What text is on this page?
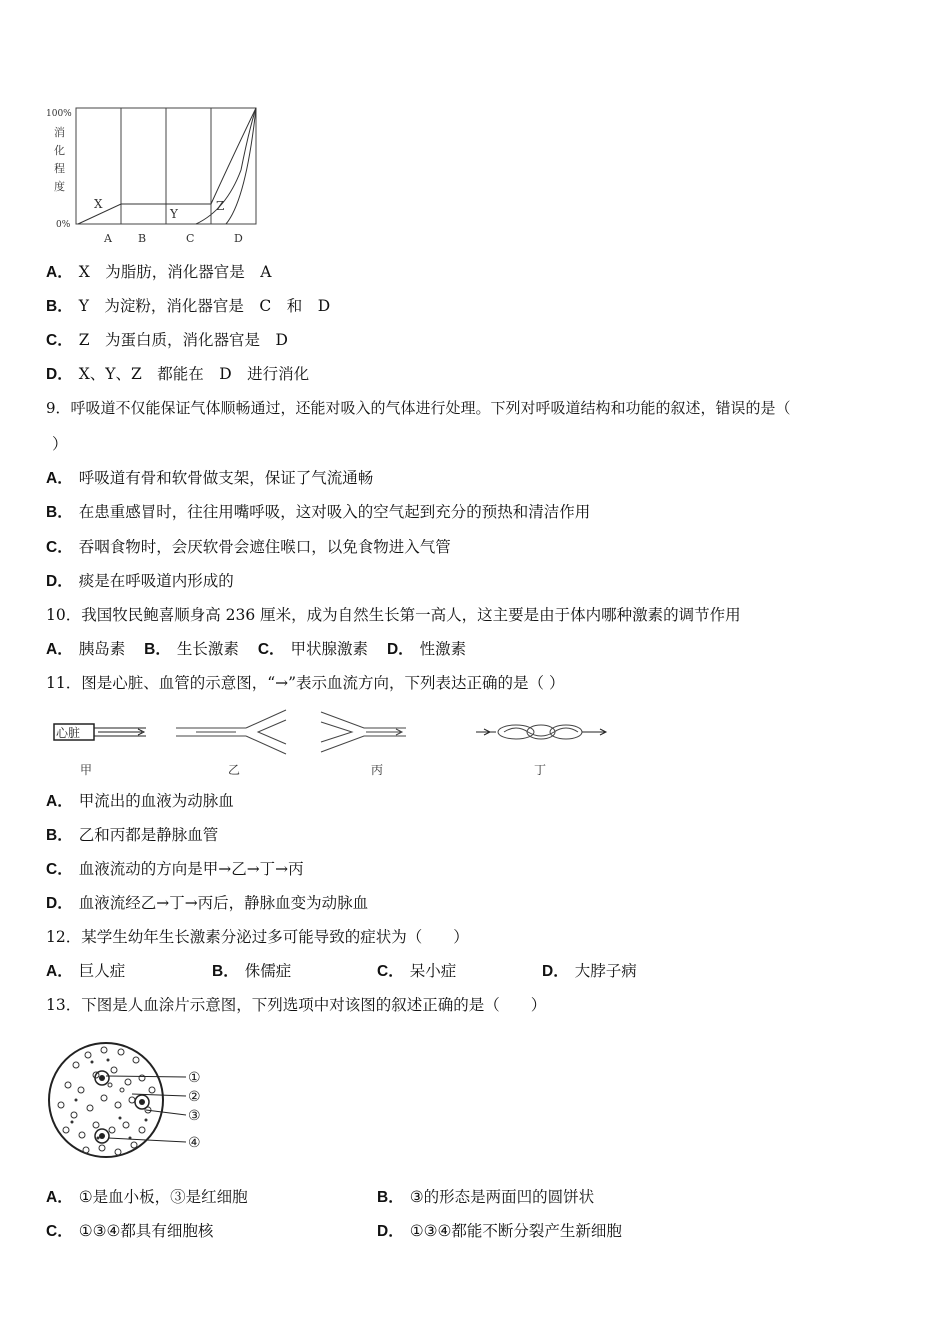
100%
消
化
程
度
0%
X
Y
Z
A B	C	D
A． X　为脂肪，消化器官是　A
B． Y　为淀粉，消化器官是　C　和　D
C． Z　为蛋白质，消化器官是　D
D． X、Y、Z　都能在　D　进行消化
9．呼吸道不仅能保证气体顺畅通过，还能对吸入的气体进行处理。下列对呼吸道结构和功能的叙述，错误的是（
）
A． 呼吸道有骨和软骨做支架，保证了气流通畅
B． 在患重感冒时，往往用嘴呼吸，这对吸入的空气起到充分的预热和清洁作用
C． 吞咽食物时，会厌软骨会遮住喉口，以免食物进入气管
D． 痰是在呼吸道内形成的
10．我国牧民鲍喜顺身高 236 厘米，成为自然生长第一高人，这主要是由于体内哪种激素的调节作用
A． 胰岛素 B． 生长激素 C． 甲状腺激素 D． 性激素
11．图是心脏、血管的示意图，“→”表示血流方向，下列表达正确的是（ ）
心脏
甲	乙	丙	丁
A． 甲流出的血液为动脉血
B． 乙和丙都是静脉血管
C． 血液流动的方向是甲→乙→丁→丙
D． 血液流经乙→丁→丙后，静脉血变为动脉血
12．某学生幼年生长激素分泌过多可能导致的症状为（　　）
A． 巨人症	B． 侏儒症	C． 呆小症	D． 大脖子病
13．下图是人血涂片示意图，下列选项中对该图的叙述正确的是（　　）
①
②
③
④
A． ①是血小板，③是红细胞	B． ③的形态是两面凹的圆饼状
C． ①③④都具有细胞核	D． ①③④都能不断分裂产生新细胞
